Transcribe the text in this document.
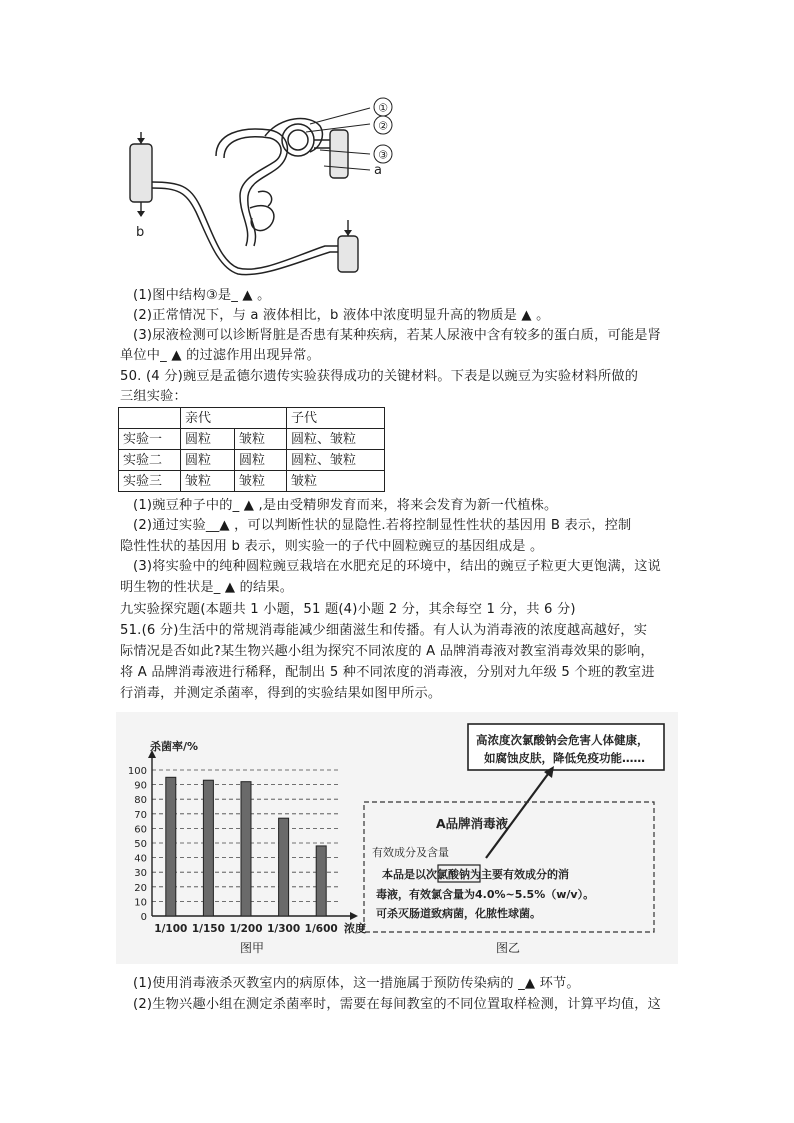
①
②
③
a
b
(1)图中结构③是_ ▲ 。
(2)正常情况下，与 a 液体相比，b 液体中浓度明显升高的物质是 ▲ 。
(3)尿液检测可以诊断肾脏是否患有某种疾病，若某人尿液中含有较多的蛋白质，可能是肾
单位中_ ▲ 的过滤作用出现异常。
50. (4 分)豌豆是孟德尔遗传实验获得成功的关键材料。下表是以豌豆为实验材料所做的
三组实验：
	亲代		子代
实验一	圆粒	皱粒	圆粒、皱粒
实验二	圆粒	圆粒	圆粒、皱粒
实验三	皱粒	皱粒	皱粒
(1)豌豆种子中的_ ▲ ,是由受精卵发育而来，将来会发育为新一代植株。
(2)通过实验__▲ ，可以判断性状的显隐性.若将控制显性性状的基因用 B 表示，控制
隐性性状的基因用 b 表示，则实验一的子代中圆粒豌豆的基因组成是 。
(3)将实验中的纯种圆粒豌豆栽培在水肥充足的环境中，结出的豌豆子粒更大更饱满，这说
明生物的性状是_ ▲ 的结果。
九实验探究题(本题共 1 小题，51 题(4)小题 2 分，其余每空 1 分，共 6 分)
51.(6 分)生活中的常规消毒能减少细菌滋生和传播。有人认为消毒液的浓度越高越好，实
际情况是否如此?某生物兴趣小组为探究不同浓度的 A 品牌消毒液对教室消毒效果的影响，
将 A 品牌消毒液进行稀释，配制出 5 种不同浓度的消毒液，分别对九年级 5 个班的教室进
行消毒，并测定杀菌率，得到的实验结果如图甲所示。
0
10
20
30
40
50
60
70
80
90
100
杀菌率/%
1/100 1/150 1/200 1/300 1/600 浓度
图甲
高浓度次氯酸钠会危害人体健康，
如腐蚀皮肤，降低免疫功能……
A品牌消毒液
有效成分及含量
本品是以次氯酸钠为主要有效成分的消
毒液，有效氯含量为4.0%~5.5%（w/v）。
可杀灭肠道致病菌，化脓性球菌。
图乙
(1)使用消毒液杀灭教室内的病原体，这一措施属于预防传染病的 _▲ 环节。
(2)生物兴趣小组在测定杀菌率时，需要在每间教室的不同位置取样检测，计算平均值，这
